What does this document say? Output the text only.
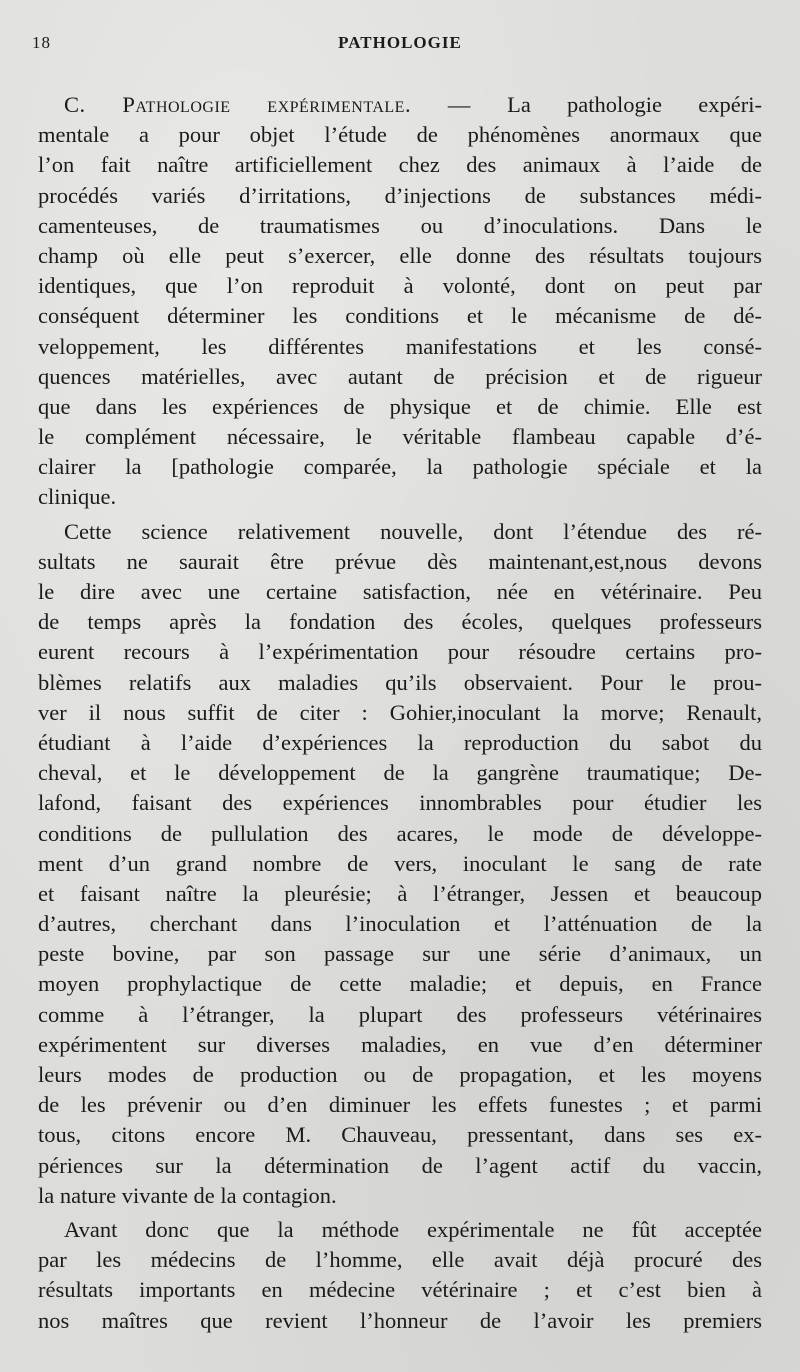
18	PATHOLOGIE
C. Pathologie expérimentale. — La pathologie expéri-
mentale a pour objet l’étude de phénomènes anormaux que
l’on fait naître artificiellement chez des animaux à l’aide de
procédés variés d’irritations, d’injections de substances médi-
camenteuses, de traumatismes ou d’inoculations. Dans le
champ où elle peut s’exercer, elle donne des résultats toujours
identiques, que l’on reproduit à volonté, dont on peut par
conséquent déterminer les conditions et le mécanisme de dé-
veloppement, les différentes manifestations et les consé-
quences matérielles, avec autant de précision et de rigueur
que dans les expériences de physique et de chimie. Elle est
le complément nécessaire, le véritable flambeau capable d’é-
clairer la [pathologie comparée, la pathologie spéciale et la
clinique.
Cette science relativement nouvelle, dont l’étendue des ré-
sultats ne saurait être prévue dès maintenant,est,nous devons
le dire avec une certaine satisfaction, née en vétérinaire. Peu
de temps après la fondation des écoles, quelques professeurs
eurent recours à l’expérimentation pour résoudre certains pro-
blèmes relatifs aux maladies qu’ils observaient. Pour le prou-
ver il nous suffit de citer : Gohier,inoculant la morve; Renault,
étudiant à l’aide d’expériences la reproduction du sabot du
cheval, et le développement de la gangrène traumatique; De-
lafond, faisant des expériences innombrables pour étudier les
conditions de pullulation des acares, le mode de développe-
ment d’un grand nombre de vers, inoculant le sang de rate
et faisant naître la pleurésie; à l’étranger, Jessen et beaucoup
d’autres, cherchant dans l’inoculation et l’atténuation de la
peste bovine, par son passage sur une série d’animaux, un
moyen prophylactique de cette maladie; et depuis, en France
comme à l’étranger, la plupart des professeurs vétérinaires
expérimentent sur diverses maladies, en vue d’en déterminer
leurs modes de production ou de propagation, et les moyens
de les prévenir ou d’en diminuer les effets funestes ; et parmi
tous, citons encore M. Chauveau, pressentant, dans ses ex-
périences sur la détermination de l’agent actif du vaccin,
la nature vivante de la contagion.
Avant donc que la méthode expérimentale ne fût acceptée
par les médecins de l’homme, elle avait déjà procuré des
résultats importants en médecine vétérinaire ; et c’est bien à
nos maîtres que revient l’honneur de l’avoir les premiers
